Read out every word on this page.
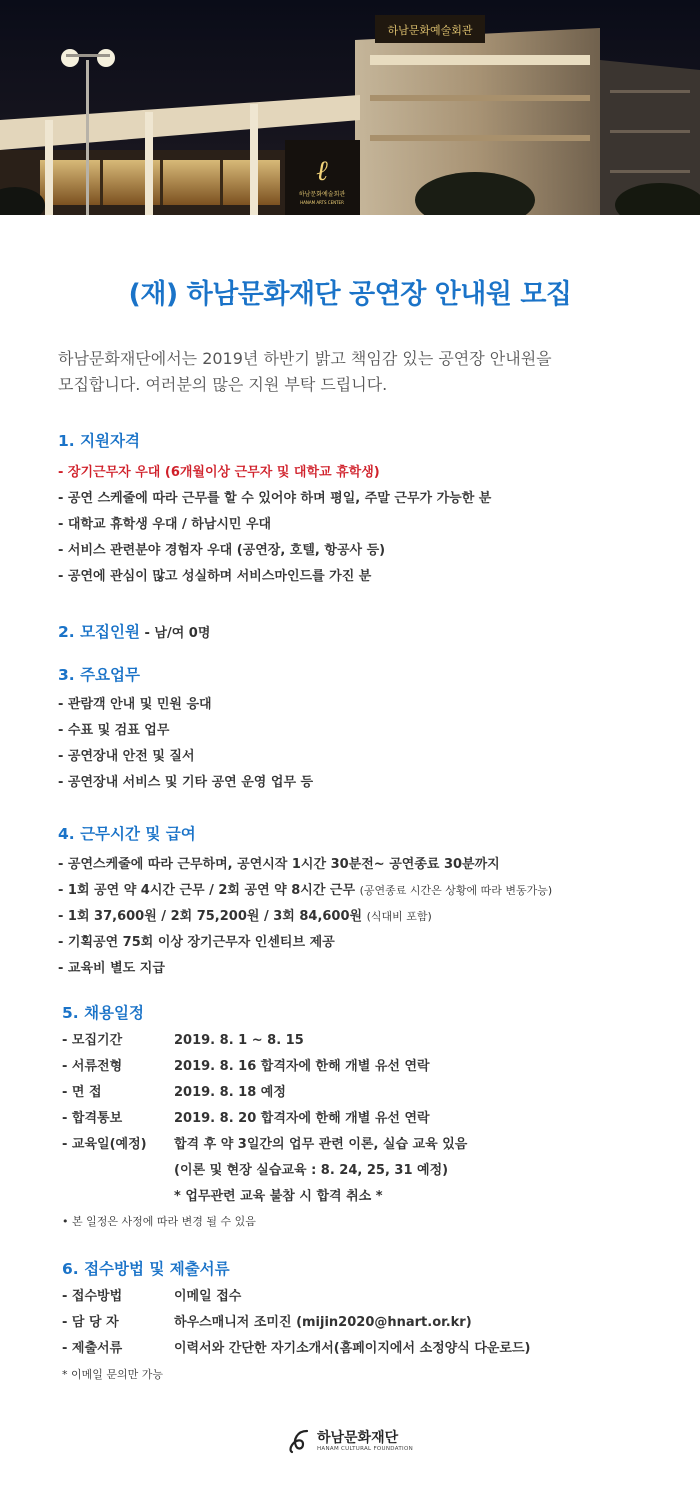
하남문화예술회관
ℓ
하남문화예술회관
HANAM ARTS CENTER
(재) 하남문화재단 공연장 안내원 모집
하남문화재단에서는 2019년 하반기 밝고 책임감 있는 공연장 안내원을
모집합니다. 여러분의 많은 지원 부탁 드립니다.
1. 지원자격
- 장기근무자 우대 (6개월이상 근무자 및 대학교 휴학생)
- 공연 스케줄에 따라 근무를 할 수 있어야 하며 평일, 주말 근무가 가능한 분
- 대학교 휴학생 우대 / 하남시민 우대
- 서비스 관련분야 경험자 우대 (공연장, 호텔, 항공사 등)
- 공연에 관심이 많고 성실하며 서비스마인드를 가진 분
2. 모집인원 - 남/여 0명
3. 주요업무
- 관람객 안내 및 민원 응대
- 수표 및 검표 업무
- 공연장내 안전 및 질서
- 공연장내 서비스 및 기타 공연 운영 업무 등
4. 근무시간 및 급여
- 공연스케줄에 따라 근무하며, 공연시작 1시간 30분전~ 공연종료 30분까지
- 1회 공연 약 4시간 근무 / 2회 공연 약 8시간 근무 (공연종료 시간은 상황에 따라 변동가능)
- 1회 37,600원 / 2회 75,200원 / 3회 84,600원 (식대비 포함)
- 기획공연 75회 이상 장기근무자 인센티브 제공
- 교육비 별도 지급
5. 채용일정
- 모집기간	2019. 8. 1 ~ 8. 15
- 서류전형	2019. 8. 16 합격자에 한해 개별 유선 연락
- 면 접	2019. 8. 18 예정
- 합격통보	2019. 8. 20 합격자에 한해 개별 유선 연락
- 교육일(예정)	합격 후 약 3일간의 업무 관련 이론, 실습 교육 있음
(이론 및 현장 실습교육 : 8. 24, 25, 31 예정)
* 업무관련 교육 불참 시 합격 취소 *
• 본 일정은 사정에 따라 변경 될 수 있음
6. 접수방법 및 제출서류
- 접수방법	이메일 접수
- 담 당 자	하우스매니저 조미진 (mijin2020@hnart.or.kr)
- 제출서류	이력서와 간단한 자기소개서(홈페이지에서 소정양식 다운로드)
* 이메일 문의만 가능
하남문화재단
HANAM CULTURAL FOUNDATION
